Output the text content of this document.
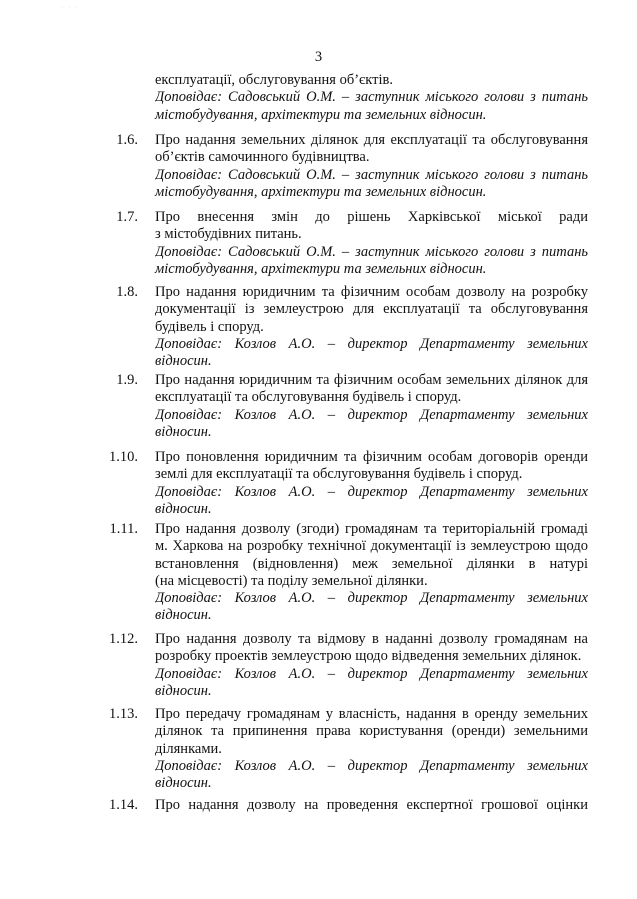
· · ·
3
експлуатації, обслуговування об’єктів.
Доповідає: Садовський О.М. – заступник міського голови з питань
містобудування, архітектури та земельних відносин.
1.6. Про надання земельних ділянок для експлуатації та обслуговування
об’єктів самочинного будівництва.
Доповідає: Садовський О.М. – заступник міського голови з питань
містобудування, архітектури та земельних відносин.
1.7. Про внесення змін до рішень Харківської міської ради
з містобудівних питань.
Доповідає: Садовський О.М. – заступник міського голови з питань
містобудування, архітектури та земельних відносин.
1.8. Про надання юридичним та фізичним особам дозволу на розробку
документації із землеустрою для експлуатації та обслуговування
будівель і споруд.
Доповідає: Козлов А.О. – директор Департаменту земельних
відносин.
1.9. Про надання юридичним та фізичним особам земельних ділянок для
експлуатації та обслуговування будівель і споруд.
Доповідає: Козлов А.О. – директор Департаменту земельних
відносин.
1.10. Про поновлення юридичним та фізичним особам договорів оренди
землі для експлуатації та обслуговування будівель і споруд.
Доповідає: Козлов А.О. – директор Департаменту земельних
відносин.
1.11. Про надання дозволу (згоди) громадянам та територіальній громаді
м. Харкова на розробку технічної документації із землеустрою щодо
встановлення (відновлення) меж земельної ділянки в натурі
(на місцевості) та поділу земельної ділянки.
Доповідає: Козлов А.О. – директор Департаменту земельних
відносин.
1.12. Про надання дозволу та відмову в наданні дозволу громадянам на
розробку проектів землеустрою щодо відведення земельних ділянок.
Доповідає: Козлов А.О. – директор Департаменту земельних
відносин.
1.13. Про передачу громадянам у власність, надання в оренду земельних
ділянок та припинення права користування (оренди) земельними
ділянками.
Доповідає: Козлов А.О. – директор Департаменту земельних
відносин.
1.14. Про надання дозволу на проведення експертної грошової оцінки
